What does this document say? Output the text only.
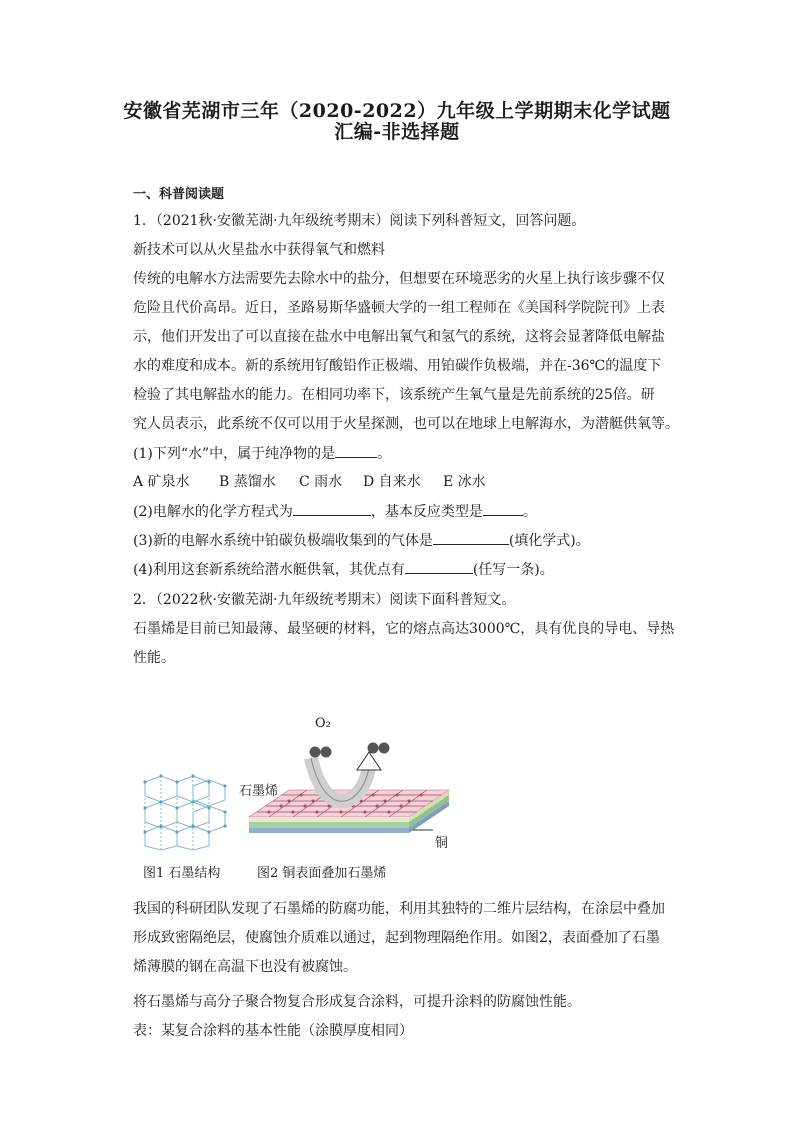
安徽省芜湖市三年（2020-2022）九年级上学期期末化学试题
汇编-非选择题
一、科普阅读题
1．（2021秋·安徽芜湖·九年级统考期末）阅读下列科普短文，回答问题。
新技术可以从火星盐水中获得氧气和燃料
传统的电解水方法需要先去除水中的盐分，但想要在环境恶劣的火星上执行该步骤不仅
危险且代价高昂。近日，圣路易斯华盛顿大学的一组工程师在《美国科学院院刊》上表
示，他们开发出了可以直接在盐水中电解出氧气和氢气的系统，这将会显著降低电解盐
水的难度和成本。新的系统用钌酸铅作正极端、用铂碳作负极端，并在-36℃的温度下
检验了其电解盐水的能力。在相同功率下，该系统产生氧气量是先前系统的25倍。研
究人员表示，此系统不仅可以用于火星探测，也可以在地球上电解海水，为潜艇供氧等。
(1)下列“水”中，属于纯净物的是	。
A 矿泉水 B 蒸馏水 C 雨水 D 自来水 E 冰水
(2)电解水的化学方程式为	，基本反应类型是	。
(3)新的电解水系统中铂碳负极端收集到的气体是	(填化学式)。
(4)利用这套新系统给潜水艇供氧，其优点有	(任写一条)。
2．（2022秋·安徽芜湖·九年级统考期末）阅读下面科普短文。
石墨烯是目前已知最薄、最坚硬的材料，它的熔点高达3000℃，具有优良的导电、导热
性能。
O₂
石墨烯
铜
图1 石墨结构	图2 铜表面叠加石墨烯
我国的科研团队发现了石墨烯的防腐功能，利用其独特的二维片层结构，在涂层中叠加
形成致密隔绝层，使腐蚀介质难以通过，起到物理隔绝作用。如图2，表面叠加了石墨
烯薄膜的钢在高温下也没有被腐蚀。
将石墨烯与高分子聚合物复合形成复合涂料，可提升涂料的防腐蚀性能。
表：某复合涂料的基本性能（涂膜厚度相同）
